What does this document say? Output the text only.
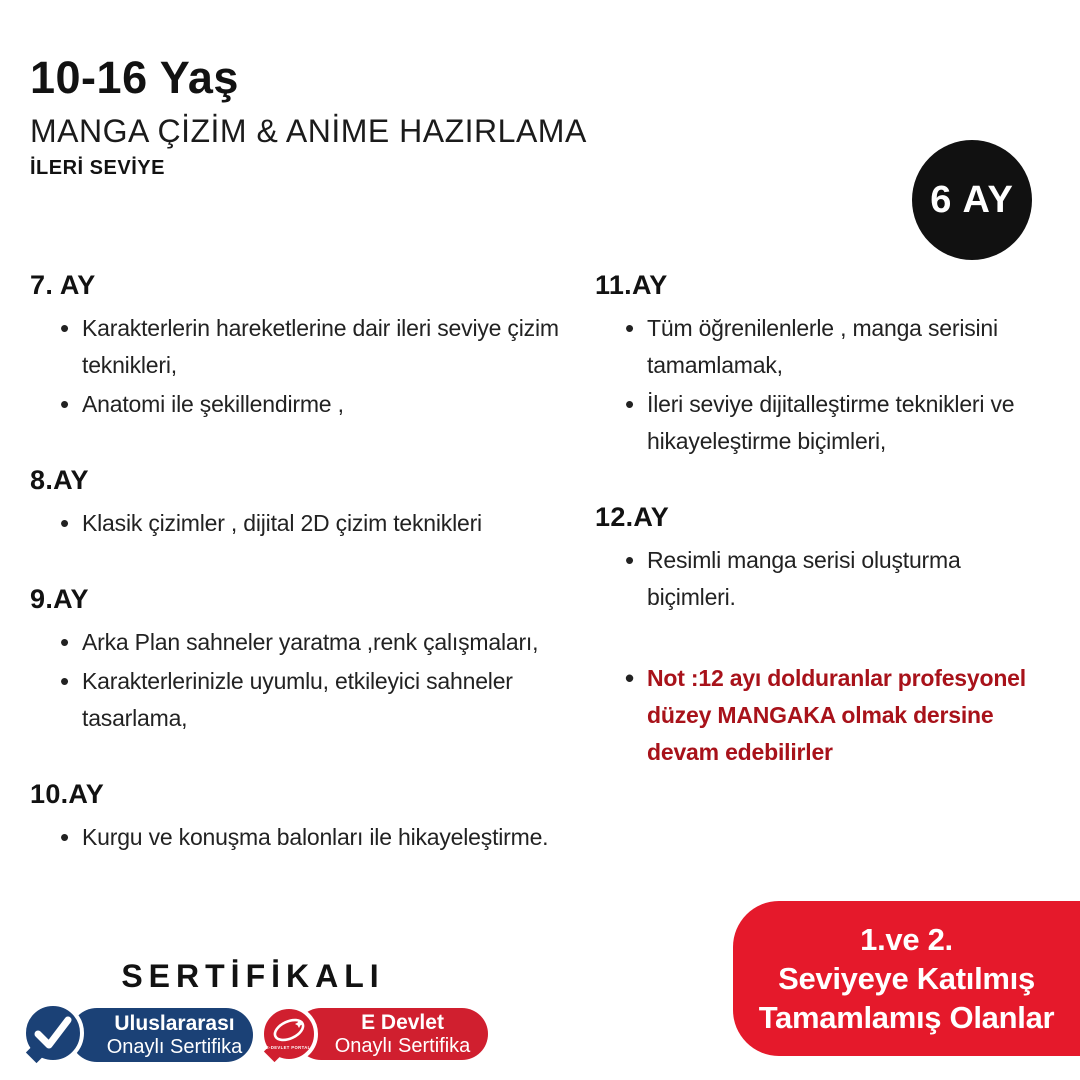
10-16 Yaş
MANGA ÇİZİM & ANİME HAZIRLAMA
İLERİ SEVİYE
6 AY
7. AY
• Karakterlerin hareketlerine dair ileri seviye çizim teknikleri,
• Anatomi ile şekillendirme ,
8.AY
• Klasik çizimler , dijital 2D çizim teknikleri
9.AY
• Arka Plan sahneler yaratma ,renk çalışmaları,
• Karakterlerinizle uyumlu, etkileyici sahneler tasarlama,
10.AY
• Kurgu ve konuşma balonları ile hikayeleştirme.
11.AY
• Tüm öğrenilenlerle , manga serisini tamamlamak,
• İleri seviye dijitalleştirme teknikleri ve hikayeleştirme biçimleri,
12.AY
• Resimli manga serisi oluşturma biçimleri.
• Not :12 ayı dolduranlar profesyonel düzey MANGAKA olmak dersine devam edebilirler
SERTİFİKALI
Uluslararası
Onaylı Sertifika
E Devlet
Onaylı Sertifika
E-DEVLET PORTALI
1.ve 2.
Seviyeye Katılmış
Tamamlamış Olanlar
